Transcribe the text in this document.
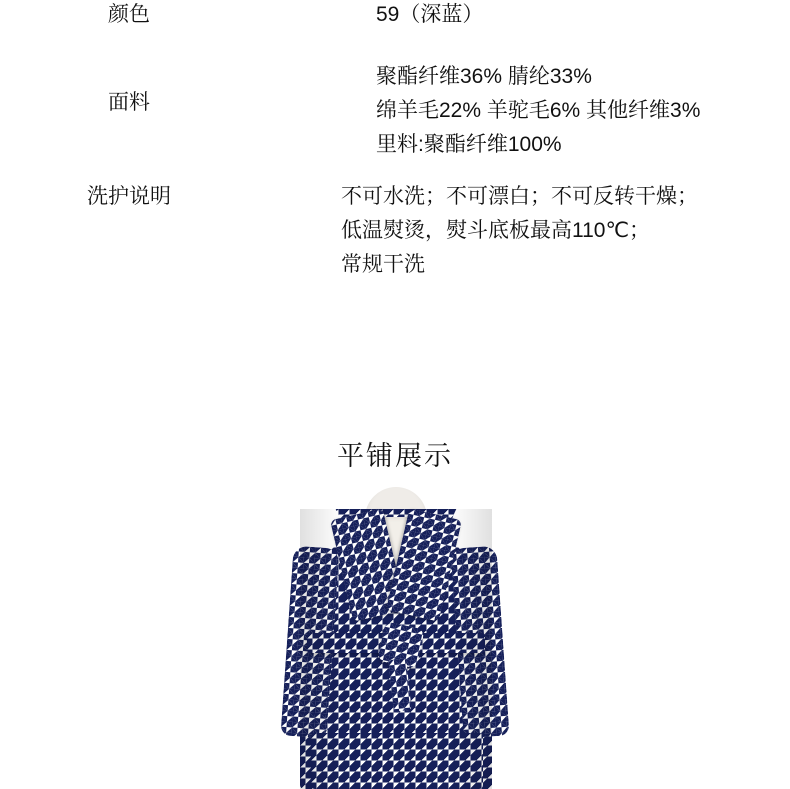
颜色	59（深蓝）
面料
聚酯纤维36% 腈纶33%
绵羊毛22% 羊驼毛6% 其他纤维3%
里料:聚酯纤维100%
洗护说明	不可水洗；不可漂白；不可反转干燥；
低温熨烫，熨斗底板最高110℃；
常规干洗
平铺展示
